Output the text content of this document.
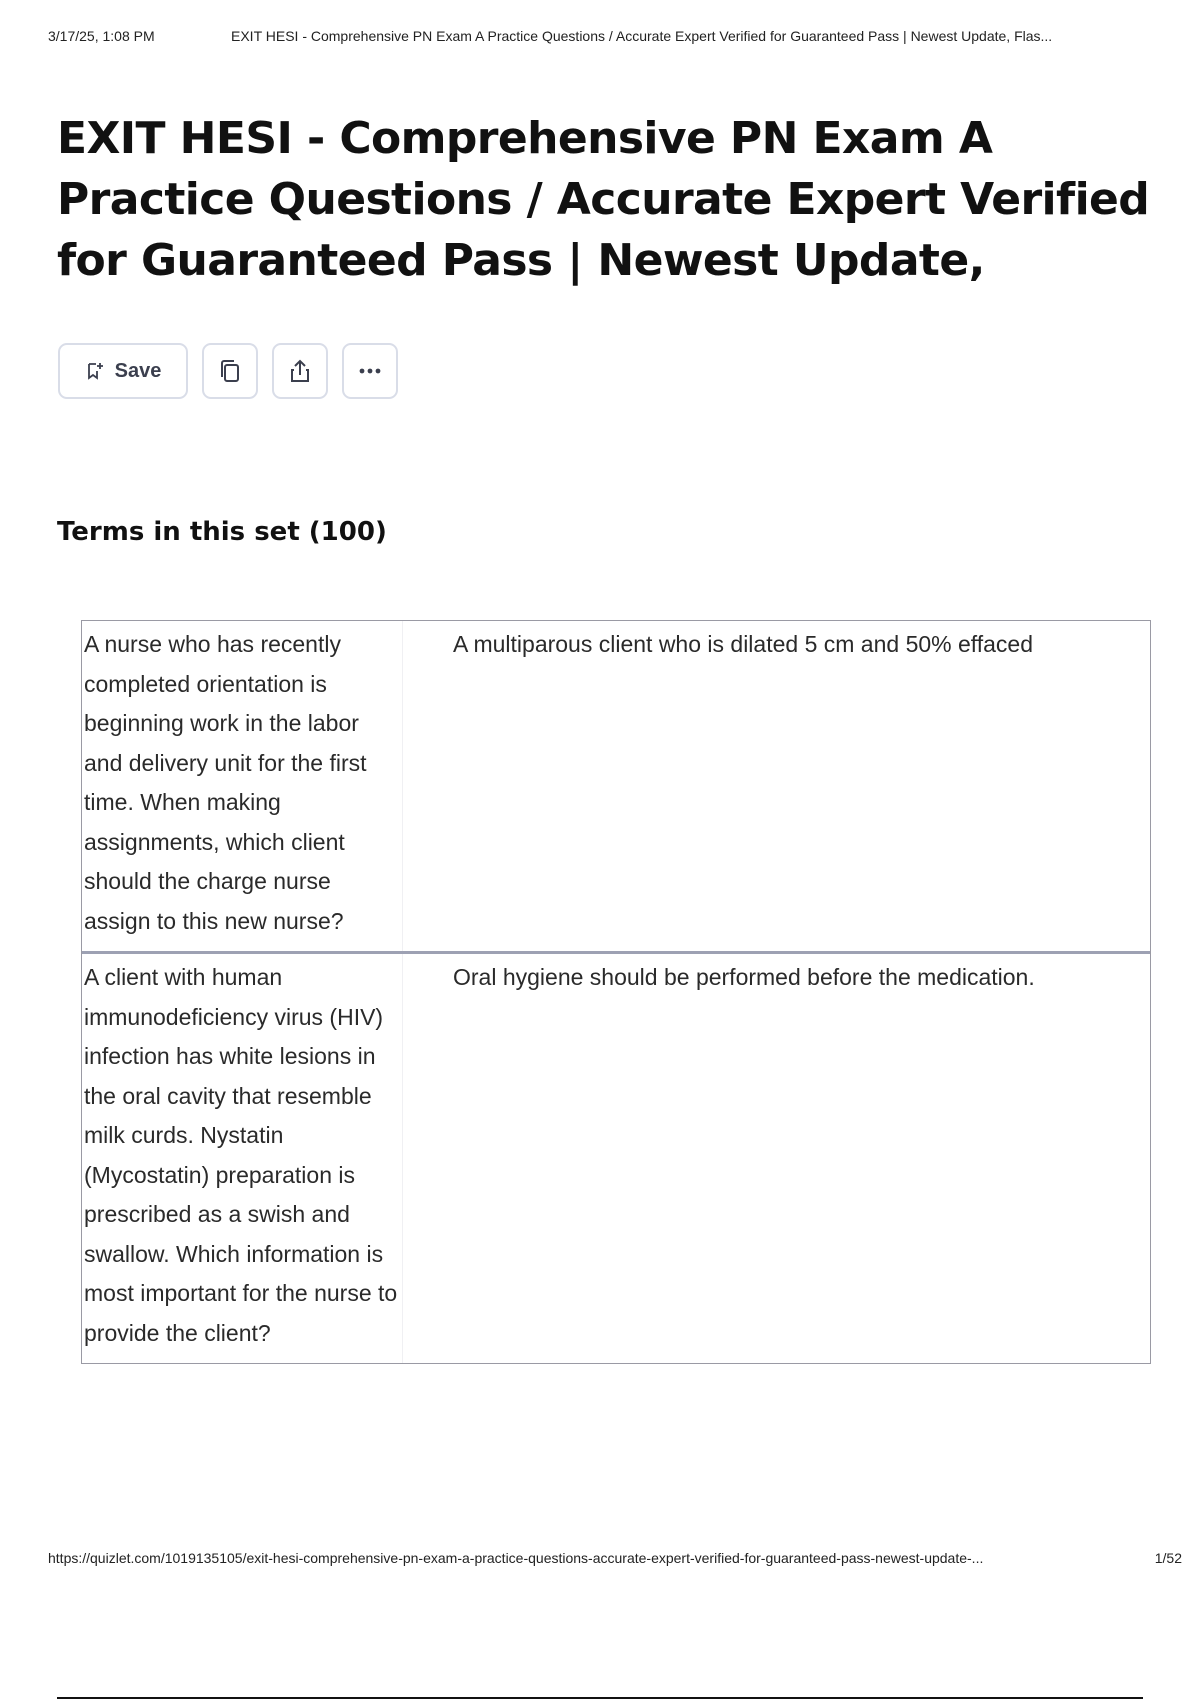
3/17/25, 1:08 PM	EXIT HESI - Comprehensive PN Exam A Practice Questions / Accurate Expert Verified for Guaranteed Pass | Newest Update, Flas...
EXIT HESI - Comprehensive PN Exam A Practice Questions / Accurate Expert Verified for Guaranteed Pass | Newest Update,
Save
Terms in this set (100)
A nurse who has recently completed orientation is beginning work in the labor and delivery unit for the first time. When making assignments, which client should the charge nurse assign to this new nurse?
A multiparous client who is dilated 5 cm and 50% effaced
A client with human immunodeficiency virus (HIV) infection has white lesions in the oral cavity that resemble milk curds. Nystatin (Mycostatin) preparation is prescribed as a swish and swallow. Which information is most important for the nurse to provide the client?
Oral hygiene should be performed before the medication.
https://quizlet.com/1019135105/exit-hesi-comprehensive-pn-exam-a-practice-questions-accurate-expert-verified-for-guaranteed-pass-newest-update-...	1/52
